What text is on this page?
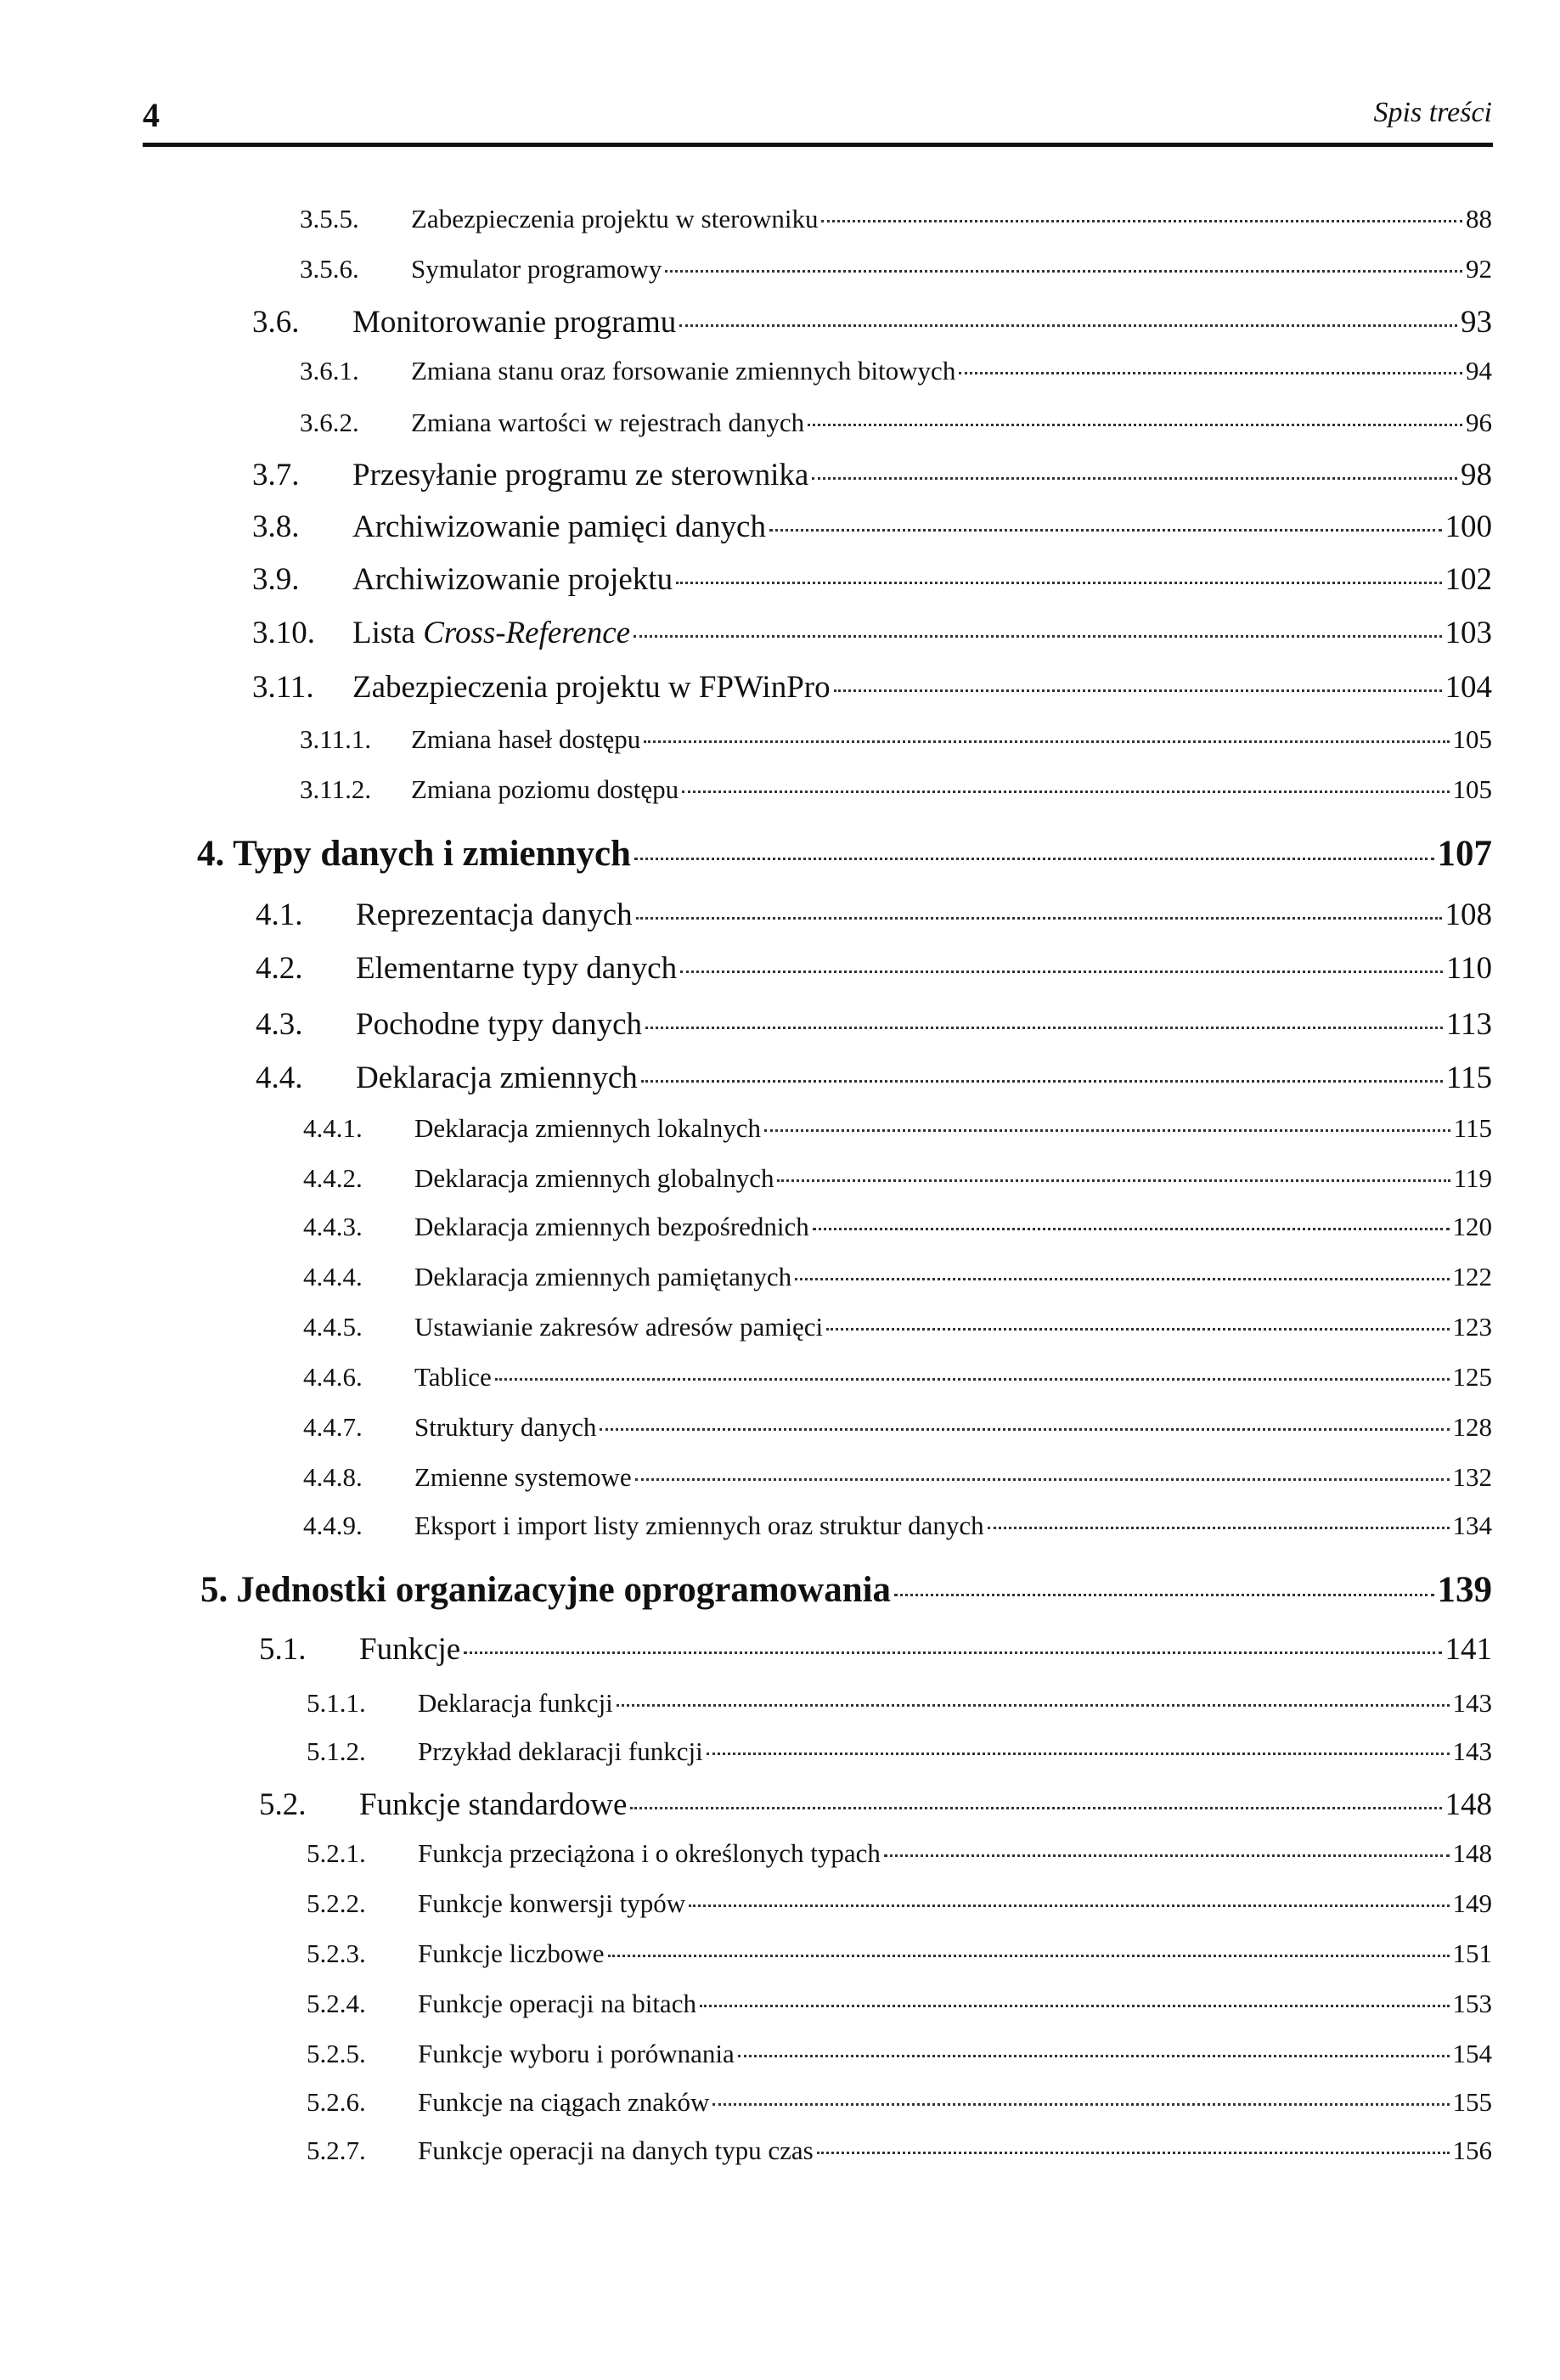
4	Spis treści
3.5.5.	Zabezpieczenia projektu w sterowniku	88
3.5.6.	Symulator programowy	92
3.6.	Monitorowanie programu	93
3.6.1.	Zmiana stanu oraz forsowanie zmiennych bitowych	94
3.6.2.	Zmiana wartości w rejestrach danych	96
3.7.	Przesyłanie programu ze sterownika	98
3.8.	Archiwizowanie pamięci danych	100
3.9.	Archiwizowanie projektu	102
3.10.	Lista Cross-Reference	103
3.11.	Zabezpieczenia projektu w FPWinPro	104
3.11.1.	Zmiana haseł dostępu	105
3.11.2.	Zmiana poziomu dostępu	105
4. Typy danych i zmiennych	107
4.1.	Reprezentacja danych	108
4.2.	Elementarne typy danych	110
4.3.	Pochodne typy danych	113
4.4.	Deklaracja zmiennych	115
4.4.1.	Deklaracja zmiennych lokalnych	115
4.4.2.	Deklaracja zmiennych globalnych	119
4.4.3.	Deklaracja zmiennych bezpośrednich	120
4.4.4.	Deklaracja zmiennych pamiętanych	122
4.4.5.	Ustawianie zakresów adresów pamięci	123
4.4.6.	Tablice	125
4.4.7.	Struktury danych	128
4.4.8.	Zmienne systemowe	132
4.4.9.	Eksport i import listy zmiennych oraz struktur danych	134
5. Jednostki organizacyjne oprogramowania	139
5.1.	Funkcje	141
5.1.1.	Deklaracja funkcji	143
5.1.2.	Przykład deklaracji funkcji	143
5.2.	Funkcje standardowe	148
5.2.1.	Funkcja przeciążona i o określonych typach	148
5.2.2.	Funkcje konwersji typów	149
5.2.3.	Funkcje liczbowe	151
5.2.4.	Funkcje operacji na bitach	153
5.2.5.	Funkcje wyboru i porównania	154
5.2.6.	Funkcje na ciągach znaków	155
5.2.7.	Funkcje operacji na danych typu czas	156
